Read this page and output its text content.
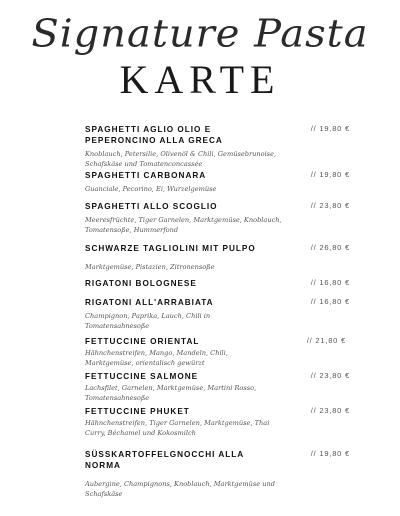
Signature Pasta
KARTE
SPAGHETTI AGLIO OLIO E PEPERONCINO ALLA GRECA
Knoblauch, Petersilie, Olivenöl & Chili, Gemüsebrunoise, Schafskäse und Tomatenconcassée
// 19,80 €
SPAGHETTI CARBONARA
Guanciale, Pecorino, Ei, Wurzelgemüse
// 19,80 €
SPAGHETTI ALLO SCOGLIO
Meeresfrüchte, Tiger Garnelen, Marktgemüse, Knoblauch, Tomatensoße, Hummerfond
// 23,80 €
SCHWARZE TAGLIOLINI MIT PULPO
Marktgemüse, Pistazien, Zitronensoße
// 26,80 €
RIGATONI BOLOGNESE	// 16,80 €
RIGATONI ALL'ARRABIATA
Champignon, Paprika, Lauch, Chili in Tomatensahnesoße
// 16,80 €
FETTUCCINE ORIENTAL
Hähnchenstreifen, Mango, Mandeln, Chili, Marktgemüse, orientalisch gewürzt
// 21,80 €
FETTUCCINE SALMONE
Lachsfilet, Garnelen, Marktgemüse, Martini Rosso, Tomatensahnesoße
// 23,80 €
FETTUCCINE PHUKET
Hähnchenstreifen, Tiger Garnelen, Marktgemüse, Thai Curry, Béchamel und Kokosmilch
// 23,80 €
SÜSSKARTOFFELGNOCCHI ALLA NORMA
Aubergine, Champignons, Knoblauch, Marktgemüse und Schafskäse
// 19,80 €
